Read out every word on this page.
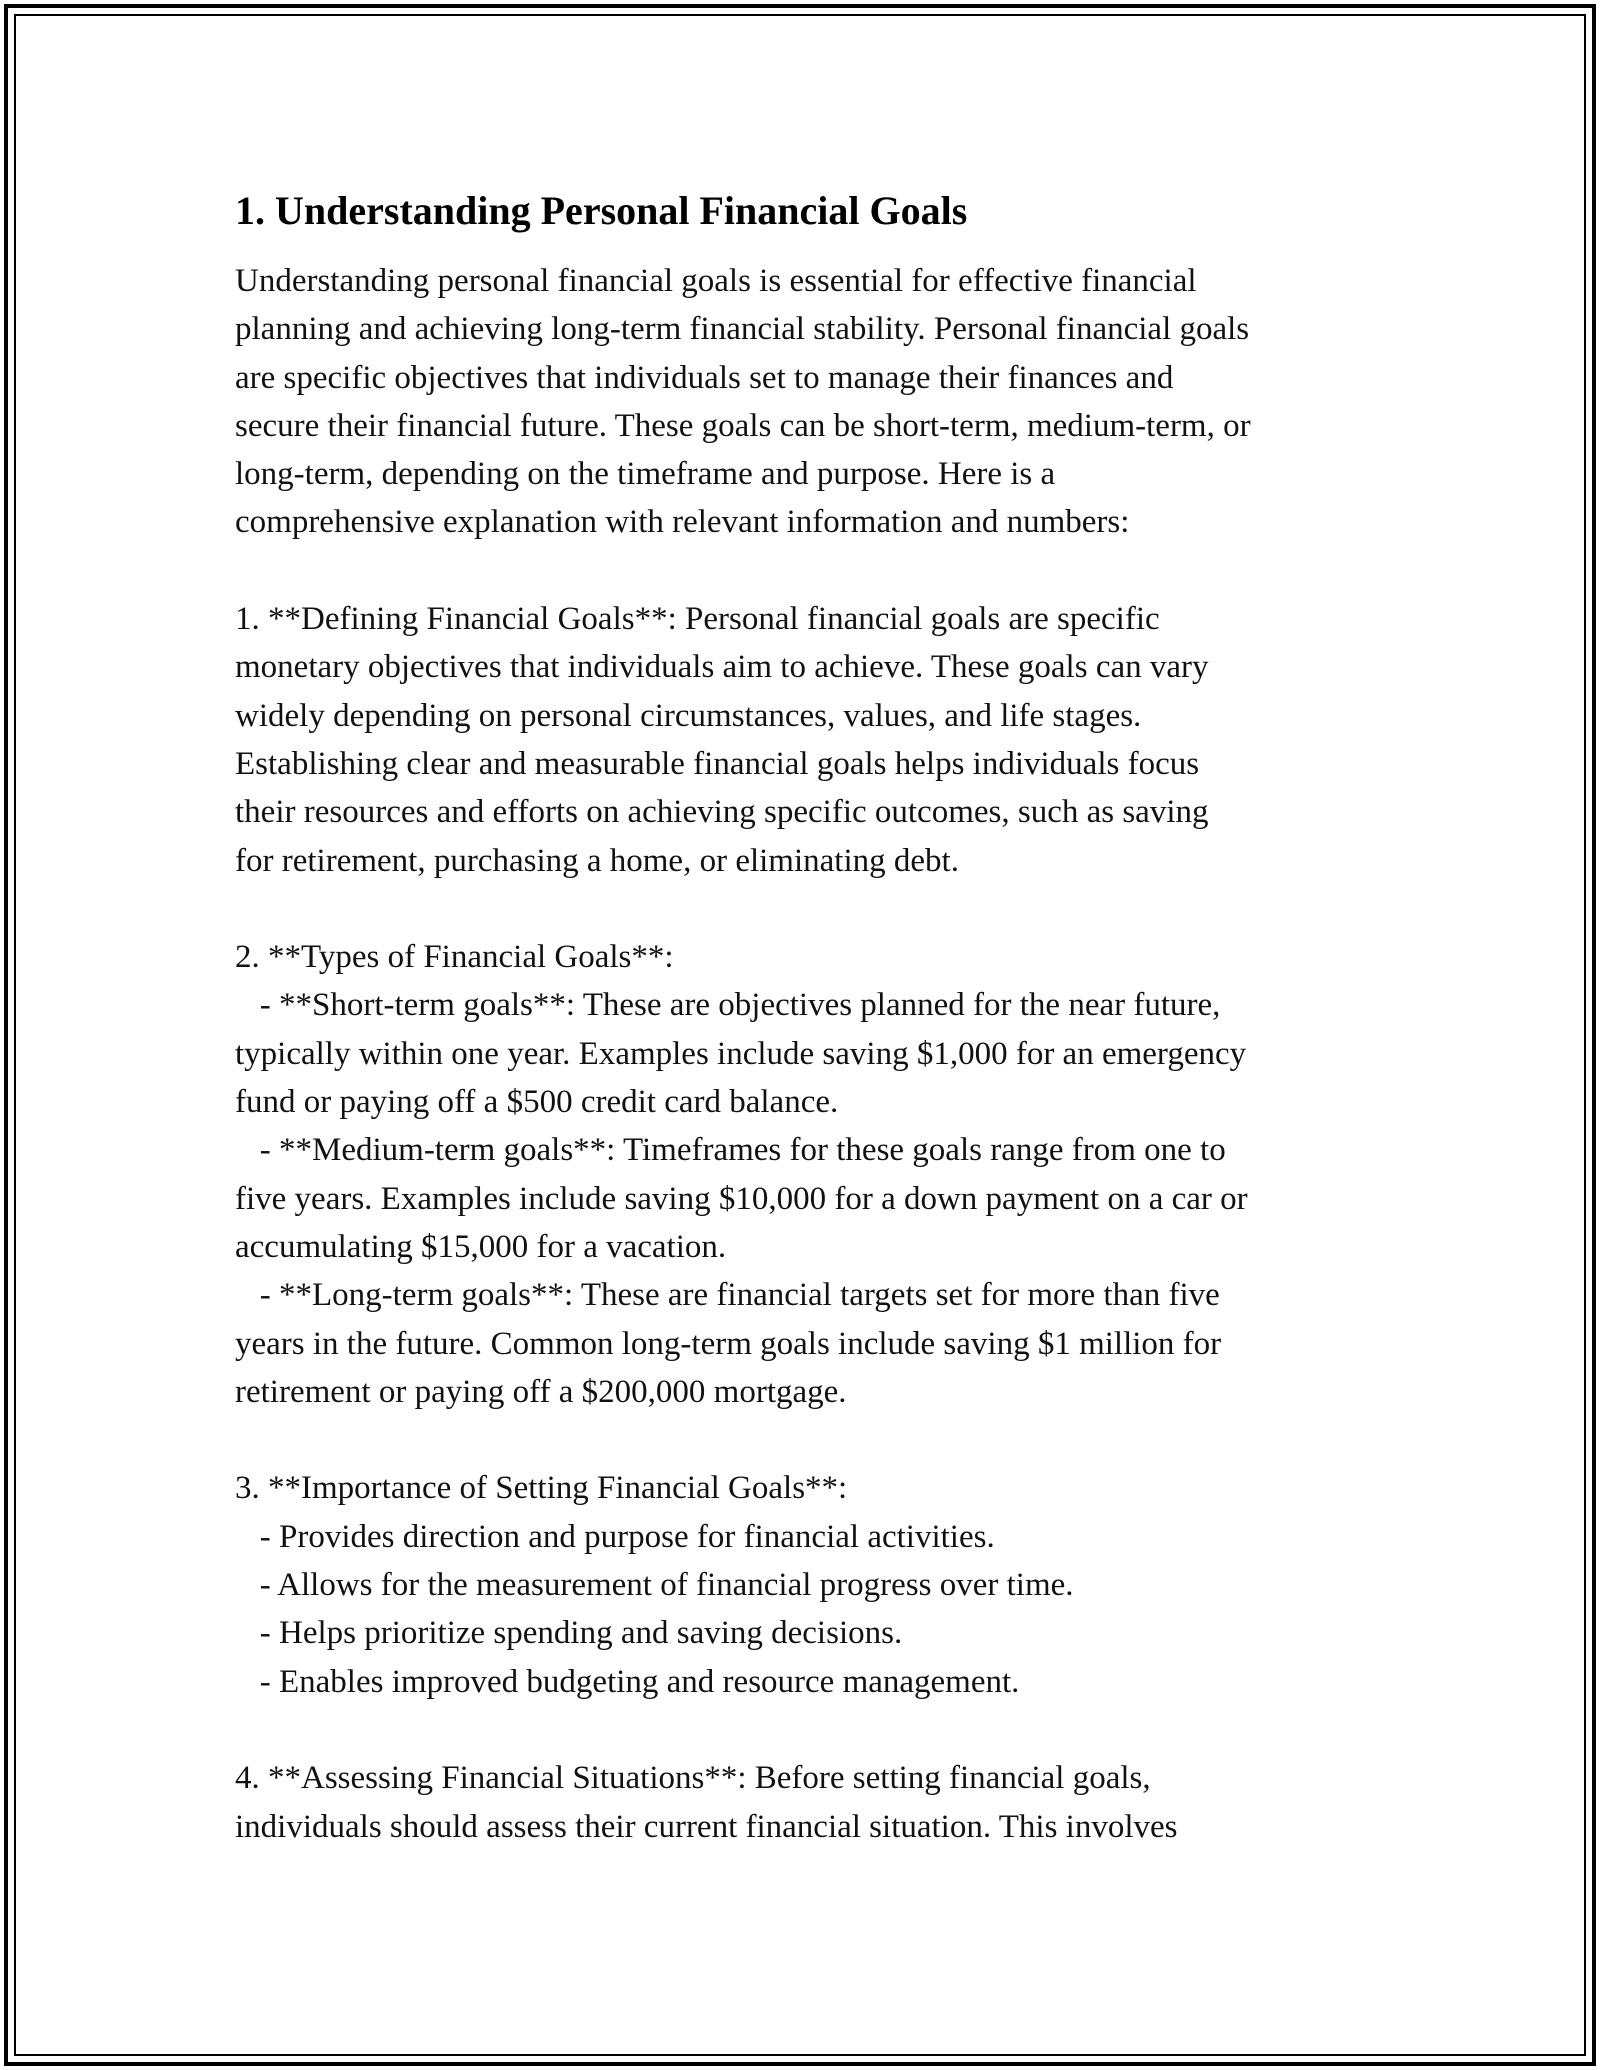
1. Understanding Personal Financial Goals
Understanding personal financial goals is essential for effective financial
planning and achieving long-term financial stability. Personal financial goals
are specific objectives that individuals set to manage their finances and
secure their financial future. These goals can be short-term, medium-term, or
long-term, depending on the timeframe and purpose. Here is a
comprehensive explanation with relevant information and numbers:
1. **Defining Financial Goals**: Personal financial goals are specific
monetary objectives that individuals aim to achieve. These goals can vary
widely depending on personal circumstances, values, and life stages.
Establishing clear and measurable financial goals helps individuals focus
their resources and efforts on achieving specific outcomes, such as saving
for retirement, purchasing a home, or eliminating debt.
2. **Types of Financial Goals**:
- **Short-term goals**: These are objectives planned for the near future,
typically within one year. Examples include saving $1,000 for an emergency
fund or paying off a $500 credit card balance.
- **Medium-term goals**: Timeframes for these goals range from one to
five years. Examples include saving $10,000 for a down payment on a car or
accumulating $15,000 for a vacation.
- **Long-term goals**: These are financial targets set for more than five
years in the future. Common long-term goals include saving $1 million for
retirement or paying off a $200,000 mortgage.
3. **Importance of Setting Financial Goals**:
- Provides direction and purpose for financial activities.
- Allows for the measurement of financial progress over time.
- Helps prioritize spending and saving decisions.
- Enables improved budgeting and resource management.
4. **Assessing Financial Situations**: Before setting financial goals,
individuals should assess their current financial situation. This involves
